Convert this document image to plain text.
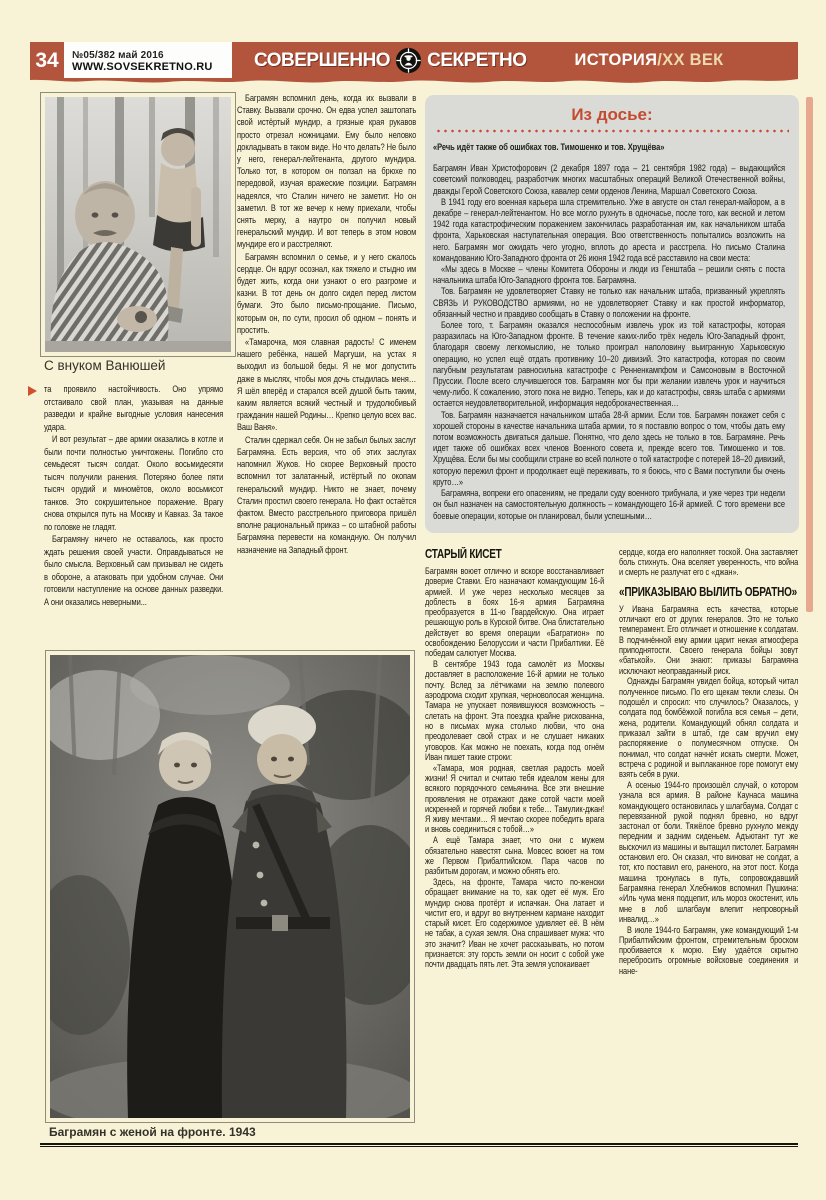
34	№05/382 май 2016
WWW.SOVSEKRETNO.RU	СОВЕРШЕННО СЕКРЕТНО	ИСТОРИЯ /XX ВЕК
С внуком Ванюшей

та проявило настойчивость. Оно упрямо отстаивало свой план, указывая на данные разведки и крайне выгодные условия нанесения удара.

И вот результат – две армии оказались в котле и были почти полностью уничтожены. Погибло сто семьдесят тысяч солдат. Около восьмидесяти тысяч получили ранения. Потеряно более пяти тысяч орудий и миномётов, около восьмисот танков. Это сокрушительное поражение. Врагу снова открылся путь на Москву и Кавказ. За такое по головке не гладят.

Баграмяну ничего не оставалось, как просто ждать решения своей участи. Оправдываться не было смысла. Верховный сам призывал не сидеть в обороне, а атаковать при удобном случае. Они готовили наступление на основе данных разведки. А они оказались неверными...

Баграмян вспомнил день, когда их вызвали в Ставку. Вызвали срочно. Он едва успел заштопать свой истёртый мундир, а грязные края рукавов просто отрезал ножницами. Ему было неловко докладывать в таком виде. Но что делать? Не было у него, генерал-лейтенанта, другого мундира. Только тот, в котором он ползал на брюхе по передовой, изучая вражеские позиции. Баграмян надеялся, что Сталин ничего не заметит. Но он заметил. В тот же вечер к нему приехали, чтобы снять мерку, а наутро он получил новый генеральский мундир. И вот теперь в этом новом мундире его и расстреляют.

Баграмян вспомнил о семье, и у него сжалось сердце. Он вдруг осознал, как тяжело и стыдно им будет жить, когда они узнают о его разгроме и казни. В тот день он долго сидел перед листом бумаги. Это было письмо-прощание. Письмо, которым он, по сути, просил об одном – понять и простить.

«Тамарочка, моя славная радость! С именем нашего ребёнка, нашей Маргуши, на устах я выходил из большой беды. Я не мог допустить даже в мыслях, чтобы моя дочь стыдилась меня… Я шёл вперёд и старался всей душой быть таким, каким является всякий честный и трудолюбивый гражданин нашей Родины… Крепко целую всех вас. Ваш Ваня».

Сталин сдержал себя. Он не забыл былых заслуг Баграмяна. Есть версия, что об этих заслугах напомнил Жуков. Но скорее Верховный просто вспомнил тот залатанный, истёртый по окопам генеральский мундир. Никто не знает, почему Сталин простил своего генерала. Но факт остаётся фактом. Вместо расстрельного приговора пришёл вполне рациональный приказ – со штабной работы Баграмяна перевести на командную. Он получил назначение на Западный фронт.

Из досье:

«Речь идёт также об ошибках тов. Тимошенко и тов. Хрущёва»

Баграмян Иван Христофорович (2 декабря 1897 года – 21 сентября 1982 года) – выдающийся советский полководец, разработчик многих масштабных операций Великой Отечественной войны, дважды Герой Советского Союза, кавалер семи орденов Ленина, Маршал Советского Союза.

В 1941 году его военная карьера шла стремительно. Уже в августе он стал генерал-майором, а в декабре – генерал-лейтенантом. Но все могло рухнуть в одночасье, после того, как весной и летом 1942 года катастрофическим поражением закончилась разработанная им, как начальником штаба фронта, Харьковская наступательная операция. Всю ответственность попытались возложить на него. Баграмян мог ожидать чего угодно, вплоть до ареста и расстрела. Но письмо Сталина командованию Юго-Западного фронта от 26 июня 1942 года всё расставило на свои места:

«Мы здесь в Москве – члены Комитета Обороны и люди из Генштаба – решили снять с поста начальника штаба Юго-Западного фронта тов. Баграмяна.

Тов. Баграмян не удовлетворяет Ставку не только как начальник штаба, призванный укреплять СВЯЗЬ И РУКОВОДСТВО армиями, но не удовлетворяет Ставку и как простой информатор, обязанный честно и правдиво сообщать в Ставку о положении на фронте.

Более того, т. Баграмян оказался неспособным извлечь урок из той катастрофы, которая разразилась на Юго-Западном фронте. В течение каких-либо трёх недель Юго-Западный фронт, благодаря своему легкомыслию, не только проиграл наполовину выигранную Харьковскую операцию, но успел ещё отдать противнику 10–20 дивизий. Это катастрофа, которая по своим пагубным результатам равносильна катастрофе с Ренненкампфом и Самсоновым в Восточной Пруссии. После всего случившегося тов. Баграмян мог бы при желании извлечь урок и научиться чему-либо. К сожалению, этого пока не видно. Теперь, как и до катастрофы, связь штаба с армиями остается неудовлетворительной, информация недоброкачественная…

Тов. Баграмян назначается начальником штаба 28-й армии. Если тов. Баграмян покажет себя с хорошей стороны в качестве начальника штаба армии, то я поставлю вопрос о том, чтобы дать ему потом возможность двигаться дальше. Понятно, что дело здесь не только в тов. Баграмяне. Речь идет также об ошибках всех членов Военного совета и, прежде всего тов. Тимошенко и тов. Хрущёва. Если бы мы сообщили стране во всей полноте о той катастрофе с потерей 18–20 дивизий, которую пережил фронт и продолжает ещё переживать, то я боюсь, что с Вами поступили бы очень круто…»

Баграмяна, вопреки его опасениям, не предали суду военного трибунала, и уже через три недели он был назначен на самостоятельную должность – командующего 16-й армией. С того времени все боевые операции, которые он планировал, были успешными…

СТАРЫЙ КИСЕТ

Баграмян воюет отлично и вскоре восстанавливает доверие Ставки. Его назначают командующим 16-й армией. И уже через несколько месяцев за доблесть в боях 16-я армия Баграмяна преобразуется в 11-ю Гвардейскую. Она играет решающую роль в Курской битве. Она блистательно действует во время операции «Багратион» по освобождению Белоруссии и части Прибалтики. Её победам салютует Москва.

В сентябре 1943 года самолёт из Москвы доставляет в расположение 16-й армии не только почту. Вслед за лётчиками на землю полевого аэродрома сходит хрупкая, черноволосая женщина. Тамара не упускает появившуюся возможность – слетать на фронт. Эта поездка крайне рискованна, но в письмах мужа столько любви, что она преодолевает свой страх и не слушает никаких уговоров. Как можно не поехать, когда под огнём Иван пишет такие строки:

«Тамара, моя родная, светлая радость моей жизни! Я считал и считаю тебя идеалом жены для всякого порядочного семьянина. Все эти внешние проявления не отражают даже сотой части моей искренней и горячей любви к тебе… Тамулик-джан! Я живу мечтами… Я мечтаю скорее победить врага и вновь соединиться с тобой…»

А ещё Тамара знает, что они с мужем обязательно навестят сына. Мовсес воюет на том же Первом Прибалтийском. Пара часов по разбитым дорогам, и можно обнять его.

Здесь, на фронте, Тамара чисто по-женски обращает внимание на то, как одет её муж. Его мундир снова протёрт и испачкан. Она латает и чистит его, и вдруг во внутреннем кармане находит старый кисет. Его содержимое удивляет её. В нём не табак, а сухая земля. Она спрашивает мужа: что это значит? Иван не хочет рассказывать, но потом признается: эту горсть земли он носит с собой уже почти двадцать пять лет. Эта земля успокаивает

сердце, когда его наполняет тоской. Она заставляет боль стихнуть. Она вселяет уверенность, что война и смерть не разлучат его с «джан».

«ПРИКАЗЫВАЮ ВЫЛИТЬ ОБРАТНО»

У Ивана Баграмяна есть качества, которые отличают его от других генералов. Это не только темперамент. Его отличает и отношение к солдатам. В подчинённой ему армии царит некая атмосфера приподнятости. Своего генерала бойцы зовут «батькой». Они знают: приказы Баграмяна исключают неоправданный риск.

Однажды Баграмян увидел бойца, который читал полученное письмо. По его щекам текли слезы. Он подошёл и спросил: что случилось? Оказалось, у солдата под бомбёжкой погибла вся семья – дети, жена, родители. Командующий обнял солдата и приказал зайти в штаб, где сам вручил ему распоряжение о полумесячном отпуске. Он понимал, что солдат начнёт искать смерти. Может, встреча с родиной и выплаканное горе помогут ему взять себя в руки.

А осенью 1944-го произошёл случай, о котором узнала вся армия. В районе Каунаса машина командующего остановилась у шлагбаума. Солдат с перевязанной рукой поднял бревно, но вдруг застонал от боли. Тяжёлое бревно рухнуло между передним и задним сиденьем. Адъютант тут же выскочил из машины и вытащил пистолет. Баграмян остановил его. Он сказал, что виноват не солдат, а тот, кто поставил его, раненого, на этот пост. Когда машина тронулась в путь, сопровождавший Баграмяна генерал Хлебников вспомнил Пушкина: «Иль чума меня подцепит, иль мороз окостенит, иль мне в лоб шлагбаум влепит непроворный инвалид…»

В июле 1944-го Баграмян, уже командующий 1-м Прибалтийским фронтом, стремительным броском пробивается к морю. Ему удаётся скрытно перебросить огромные войсковые соединения и нане-

Баграмян с женой на фронте. 1943
